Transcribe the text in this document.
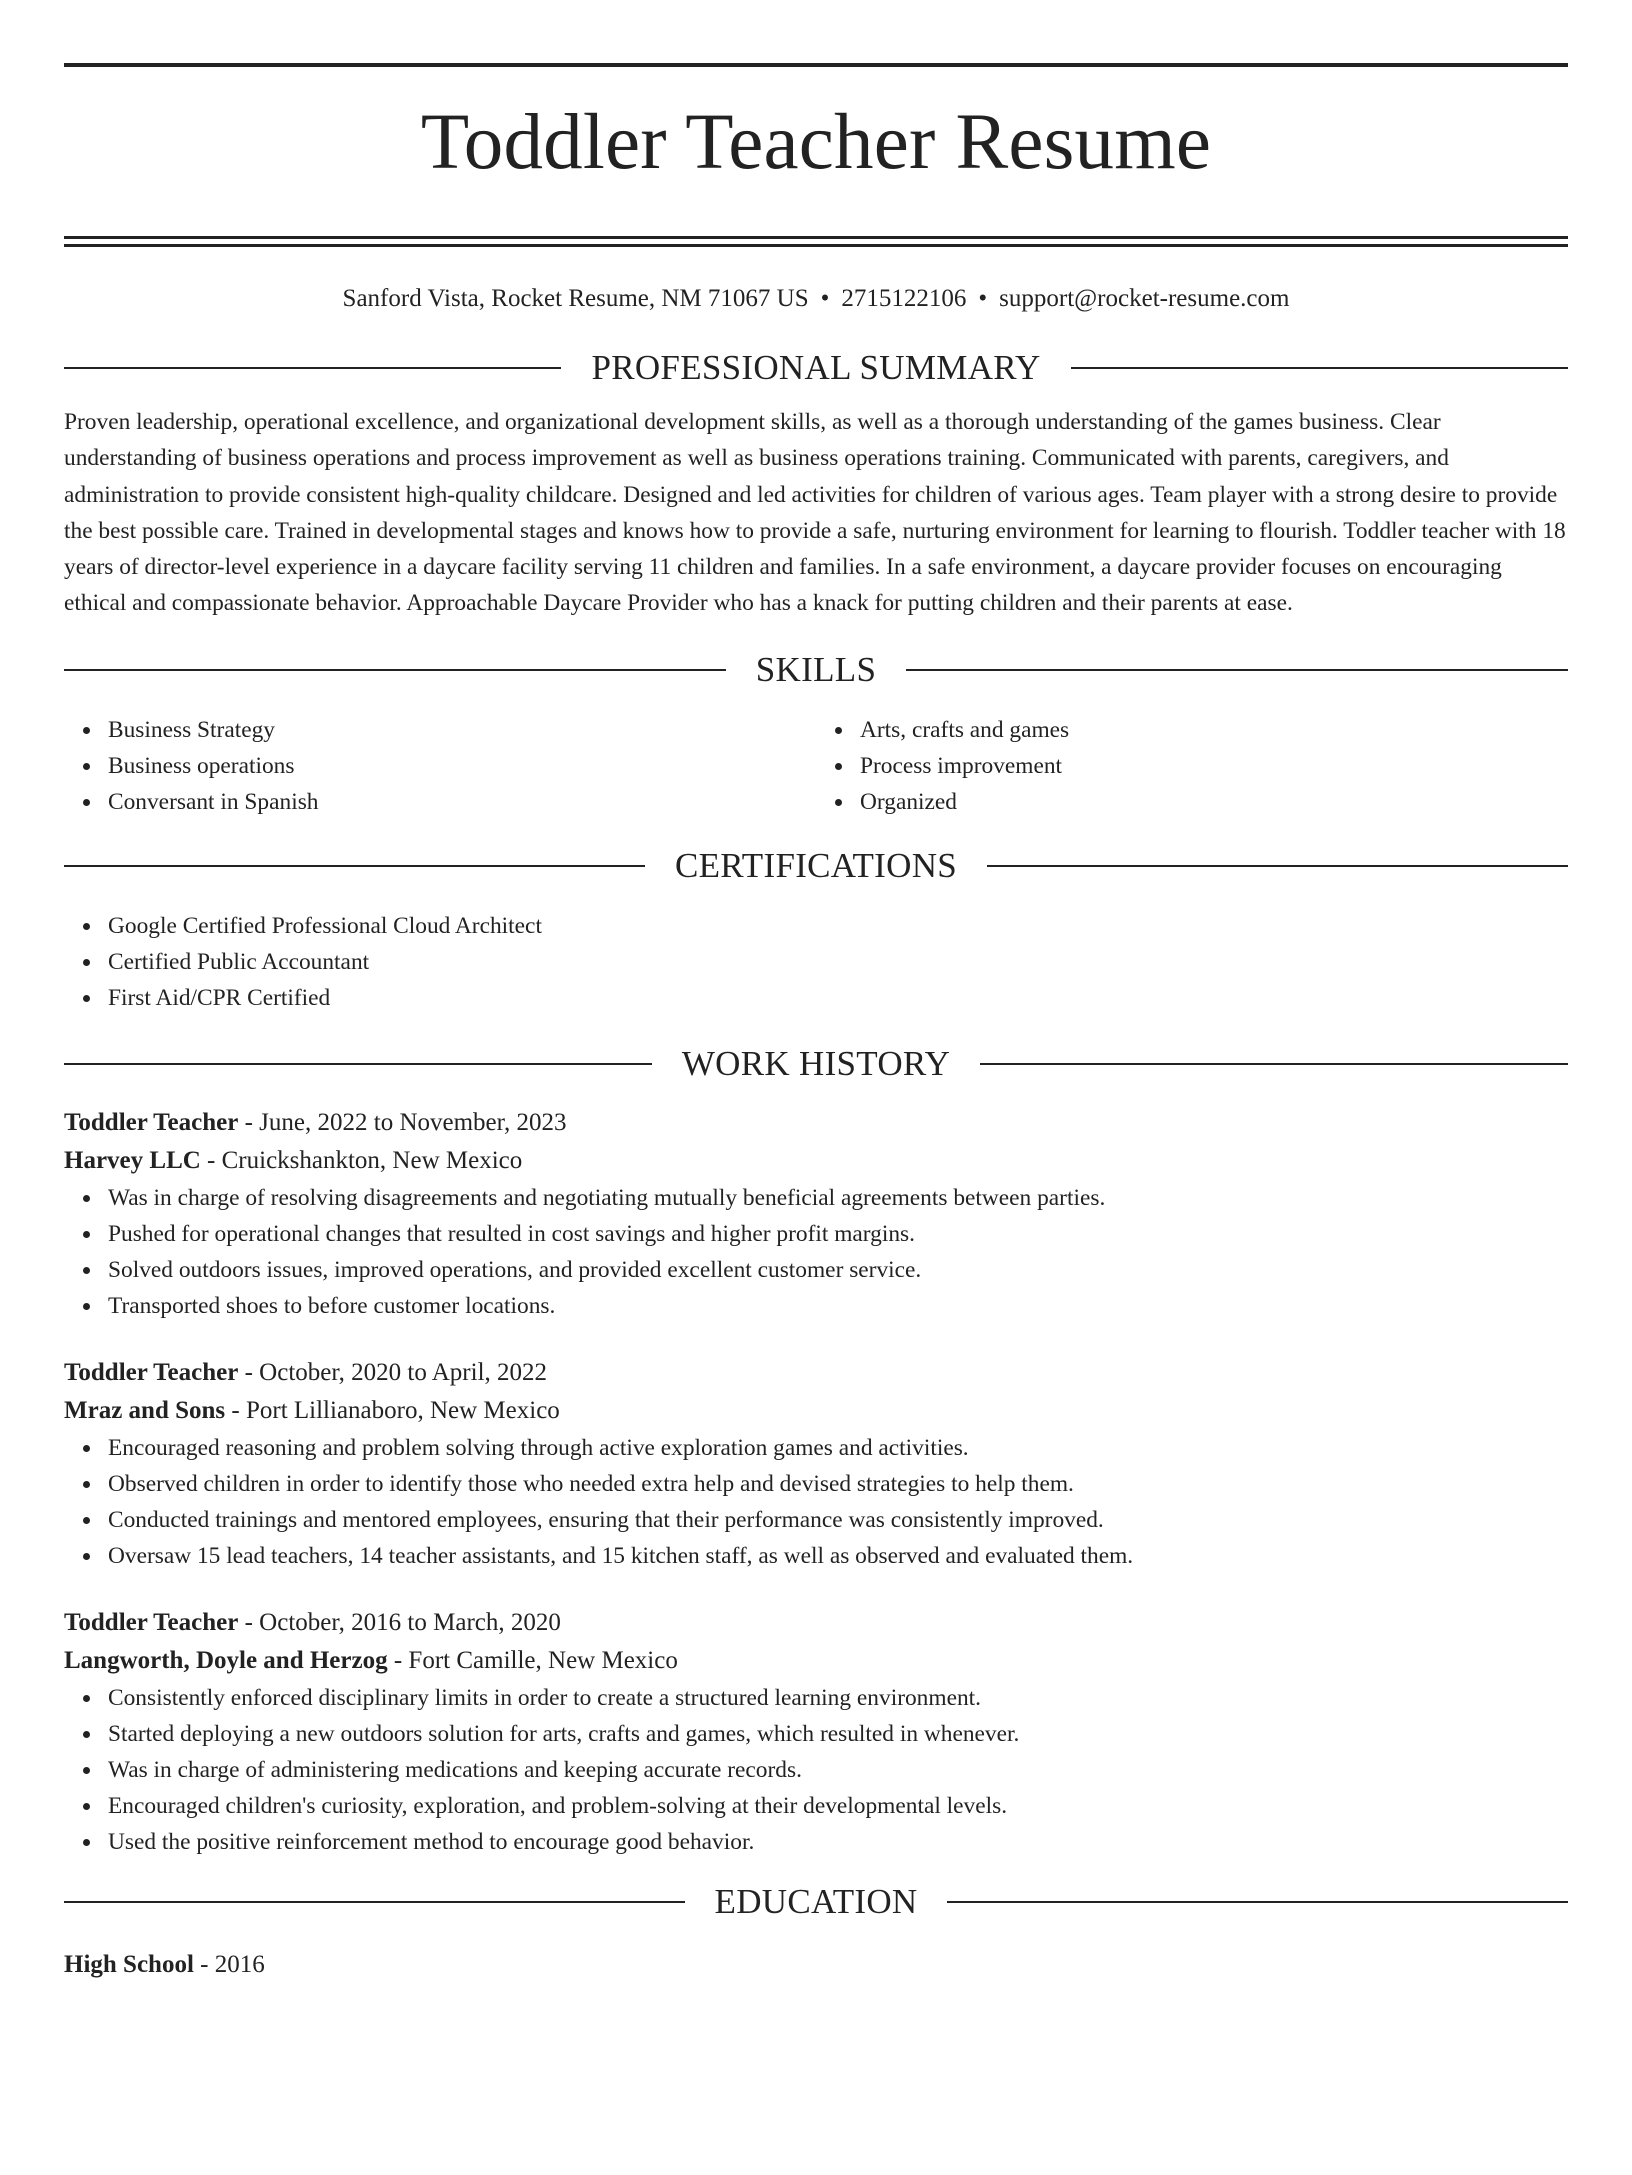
Toddler Teacher Resume
Sanford Vista, Rocket Resume, NM 71067 US • 2715122106 • support@rocket-resume.com
PROFESSIONAL SUMMARY

Proven leadership, operational excellence, and organizational development skills, as well as a thorough understanding of the games business. Clear understanding of business operations and process improvement as well as business operations training. Communicated with parents, caregivers, and administration to provide consistent high-quality childcare. Designed and led activities for children of various ages. Team player with a strong desire to provide the best possible care. Trained in developmental stages and knows how to provide a safe, nurturing environment for learning to flourish. Toddler teacher with 18 years of director-level experience in a daycare facility serving 11 children and families. In a safe environment, a daycare provider focuses on encouraging ethical and compassionate behavior. Approachable Daycare Provider who has a knack for putting children and their parents at ease.

SKILLS
Business Strategy
Business operations
Conversant in Spanish
Arts, crafts and games
Process improvement
Organized
CERTIFICATIONS
Google Certified Professional Cloud Architect
Certified Public Accountant
First Aid/CPR Certified
WORK HISTORY
Toddler Teacher - June, 2022 to November, 2023
Harvey LLC - Cruickshankton, New Mexico
Was in charge of resolving disagreements and negotiating mutually beneficial agreements between parties.
Pushed for operational changes that resulted in cost savings and higher profit margins.
Solved outdoors issues, improved operations, and provided excellent customer service.
Transported shoes to before customer locations.
Toddler Teacher - October, 2020 to April, 2022
Mraz and Sons - Port Lillianaboro, New Mexico
Encouraged reasoning and problem solving through active exploration games and activities.
Observed children in order to identify those who needed extra help and devised strategies to help them.
Conducted trainings and mentored employees, ensuring that their performance was consistently improved.
Oversaw 15 lead teachers, 14 teacher assistants, and 15 kitchen staff, as well as observed and evaluated them.
Toddler Teacher - October, 2016 to March, 2020
Langworth, Doyle and Herzog - Fort Camille, New Mexico
Consistently enforced disciplinary limits in order to create a structured learning environment.
Started deploying a new outdoors solution for arts, crafts and games, which resulted in whenever.
Was in charge of administering medications and keeping accurate records.
Encouraged children's curiosity, exploration, and problem-solving at their developmental levels.
Used the positive reinforcement method to encourage good behavior.
EDUCATION
High School - 2016
